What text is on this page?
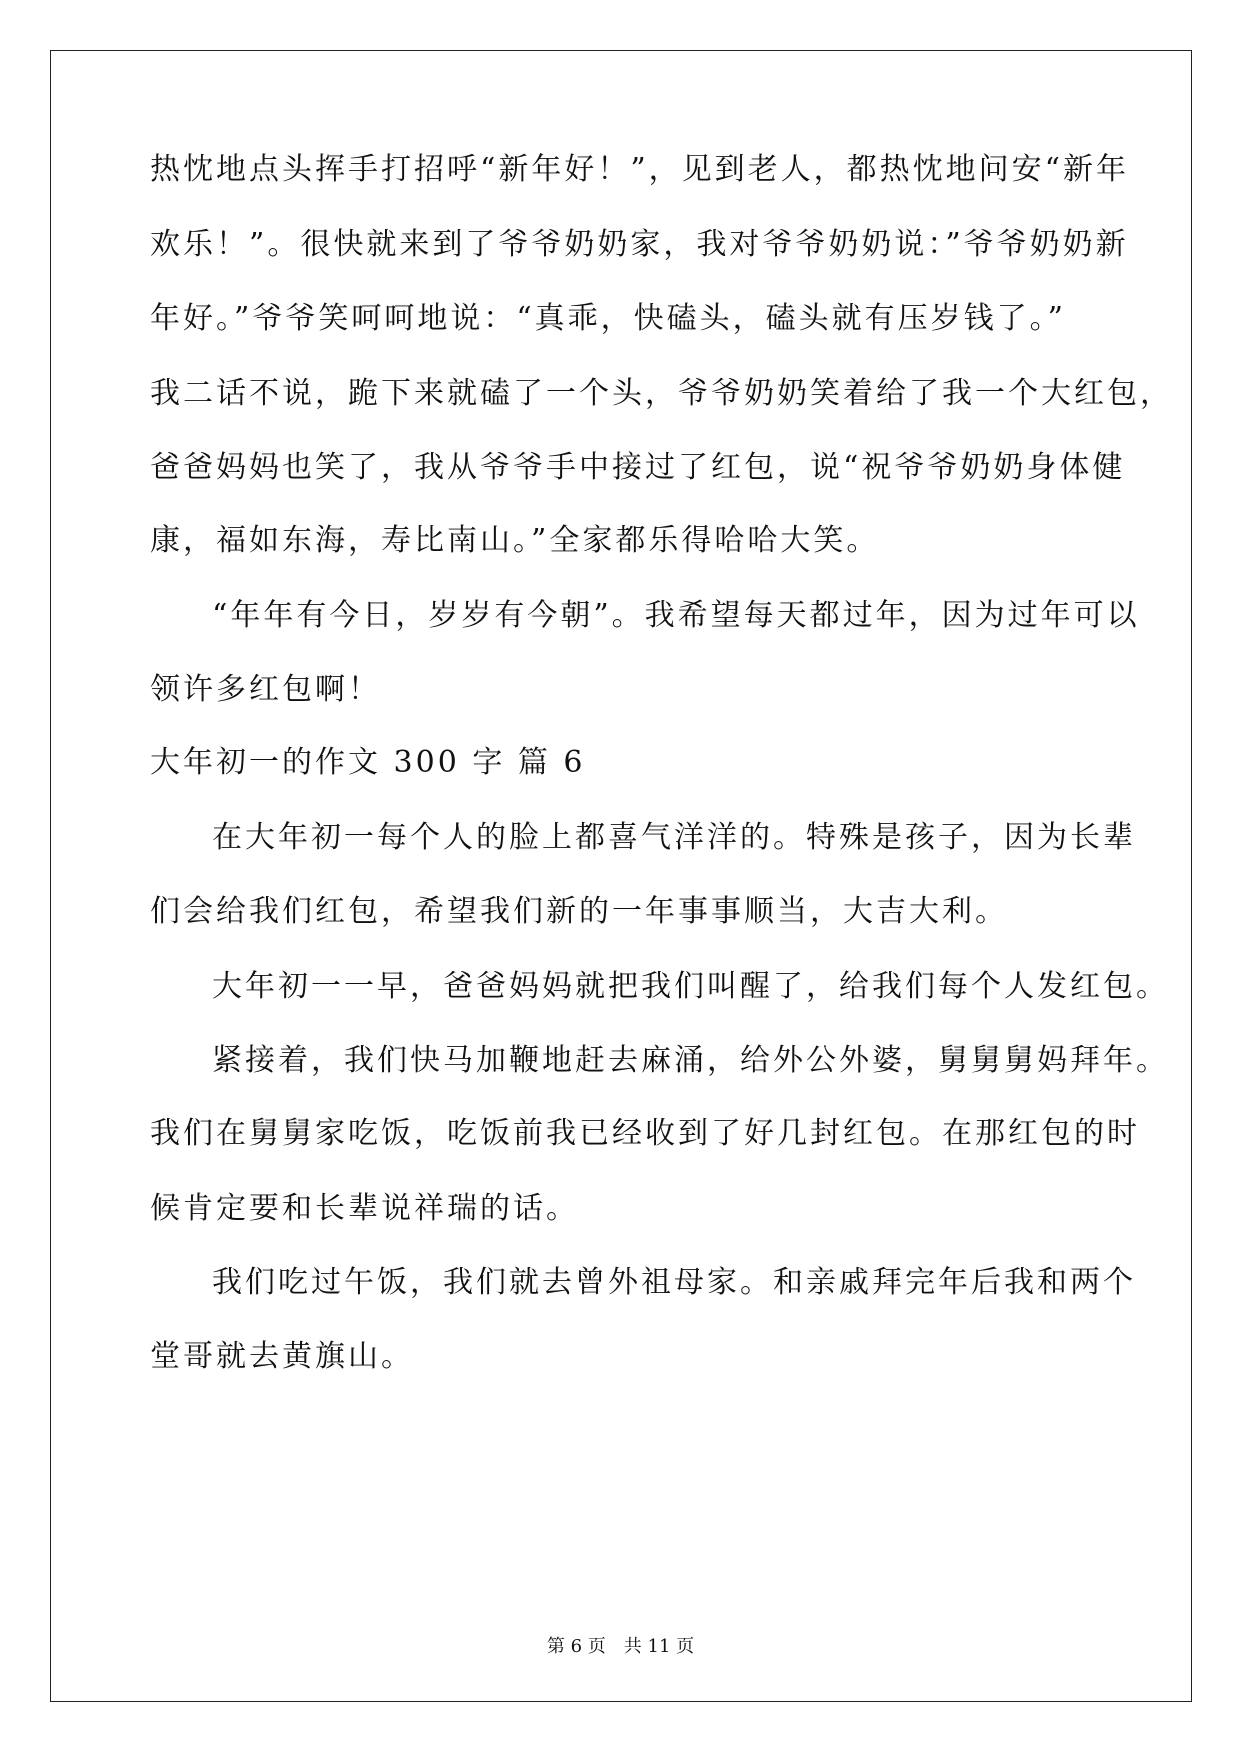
热忱地点头挥手打招呼“新年好！”，见到老人，都热忱地问安“新年
欢乐！”。很快就来到了爷爷奶奶家，我对爷爷奶奶说：”爷爷奶奶新
年好。”爷爷笑呵呵地说：“真乖，快磕头，磕头就有压岁钱了。”
我二话不说，跪下来就磕了一个头，爷爷奶奶笑着给了我一个大红包，
爸爸妈妈也笑了，我从爷爷手中接过了红包，说“祝爷爷奶奶身体健
康，福如东海，寿比南山。”全家都乐得哈哈大笑。
“年年有今日，岁岁有今朝”。我希望每天都过年，因为过年可以
领许多红包啊！
大年初一的作文 300 字 篇 6
在大年初一每个人的脸上都喜气洋洋的。特殊是孩子，因为长辈
们会给我们红包，希望我们新的一年事事顺当，大吉大利。
大年初一一早，爸爸妈妈就把我们叫醒了，给我们每个人发红包。
紧接着，我们快马加鞭地赶去麻涌，给外公外婆，舅舅舅妈拜年。
我们在舅舅家吃饭，吃饭前我已经收到了好几封红包。在那红包的时
候肯定要和长辈说祥瑞的话。
我们吃过午饭，我们就去曾外祖母家。和亲戚拜完年后我和两个
堂哥就去黄旗山。
第 6 页　共 11 页
